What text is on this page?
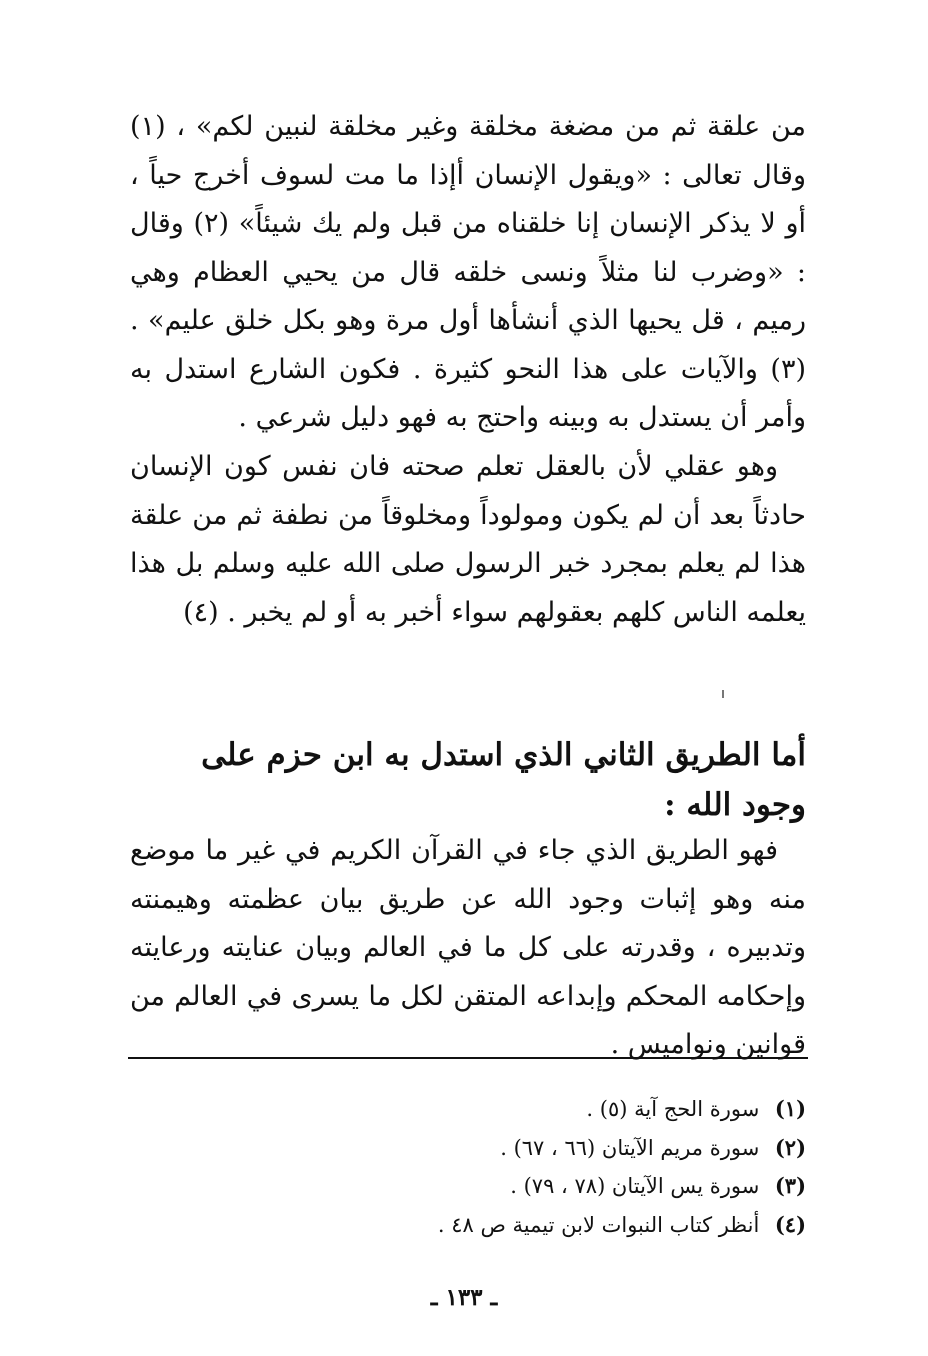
من علقة ثم من مضغة مخلقة وغير مخلقة لنبين لكم» ، (١) وقال تعالى : «ويقول الإنسان أإذا ما مت لسوف أخرج حياً ، أو لا يذكر الإنسان إنا خلقناه من قبل ولم يك شيئاً» (٢) وقال : «وضرب لنا مثلاً ونسى خلقه قال من يحيي العظام وهي رميم ، قل يحيها الذي أنشأها أول مرة وهو بكل خلق عليم» . (٣) والآيات على هذا النحو كثيرة . فكون الشارع استدل به وأمر أن يستدل به وبينه واحتج به فهو دليل شرعي .

وهو عقلي لأن بالعقل تعلم صحته فان نفس كون الإنسان حادثاً بعد أن لم يكون ومولوداً ومخلوقاً من نطفة ثم من علقة هذا لم يعلم بمجرد خبر الرسول صلى الله عليه وسلم بل هذا يعلمه الناس كلهم بعقولهم سواء أخبر به أو لم يخبر . (٤)

أما الطريق الثاني الذي استدل به ابن حزم على وجود الله :

فهو الطريق الذي جاء في القرآن الكريم في غير ما موضع منه وهو إثبات وجود الله عن طريق بيان عظمته وهيمنته وتدبيره ، وقدرته على كل ما في العالم وبيان عنايته ورعايته وإحكامه المحكم وإبداعه المتقن لكل ما يسرى في العالم من قوانين ونواميس .

(١) سورة الحج آية (٥) .
(٢) سورة مريم الآيتان (٦٦ ، ٦٧) .
(٣) سورة يس الآيتان (٧٨ ، ٧٩) .
(٤) أنظر كتاب النبوات لابن تيمية ص ٤٨ .
ـ ١٣٣ ـ
